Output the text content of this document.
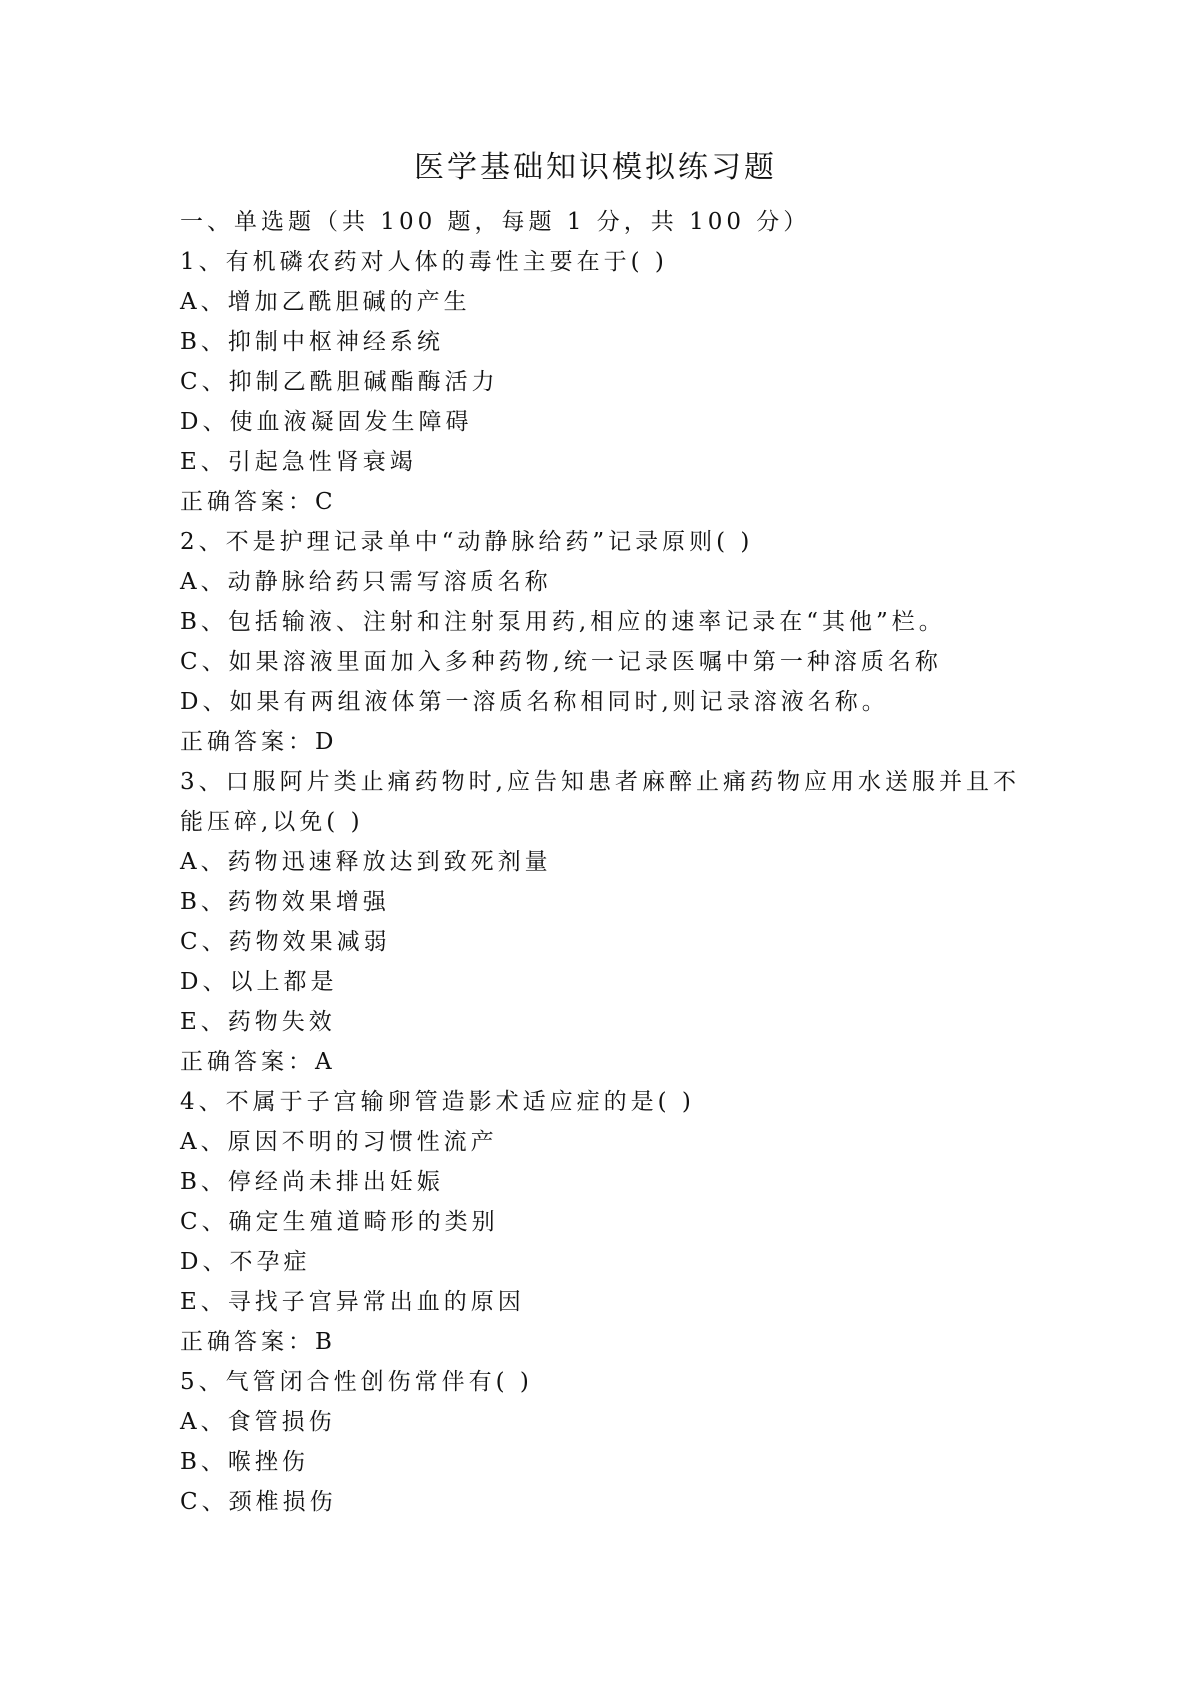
医学基础知识模拟练习题
一、单选题（共 100 题，每题 1 分，共 100 分）
1、有机磷农药对人体的毒性主要在于( )
A、增加乙酰胆碱的产生
B、抑制中枢神经系统
C、抑制乙酰胆碱酯酶活力
D、使血液凝固发生障碍
E、引起急性肾衰竭
正确答案：C
2、不是护理记录单中“动静脉给药”记录原则( )
A、动静脉给药只需写溶质名称
B、包括输液、注射和注射泵用药,相应的速率记录在“其他”栏。
C、如果溶液里面加入多种药物,统一记录医嘱中第一种溶质名称
D、如果有两组液体第一溶质名称相同时,则记录溶液名称。
正确答案：D
3、口服阿片类止痛药物时,应告知患者麻醉止痛药物应用水送服并且不能压碎,以免( )
A、药物迅速释放达到致死剂量
B、药物效果增强
C、药物效果减弱
D、以上都是
E、药物失效
正确答案：A
4、不属于子宫输卵管造影术适应症的是( )
A、原因不明的习惯性流产
B、停经尚未排出妊娠
C、确定生殖道畸形的类别
D、不孕症
E、寻找子宫异常出血的原因
正确答案：B
5、气管闭合性创伤常伴有( )
A、食管损伤
B、喉挫伤
C、颈椎损伤
